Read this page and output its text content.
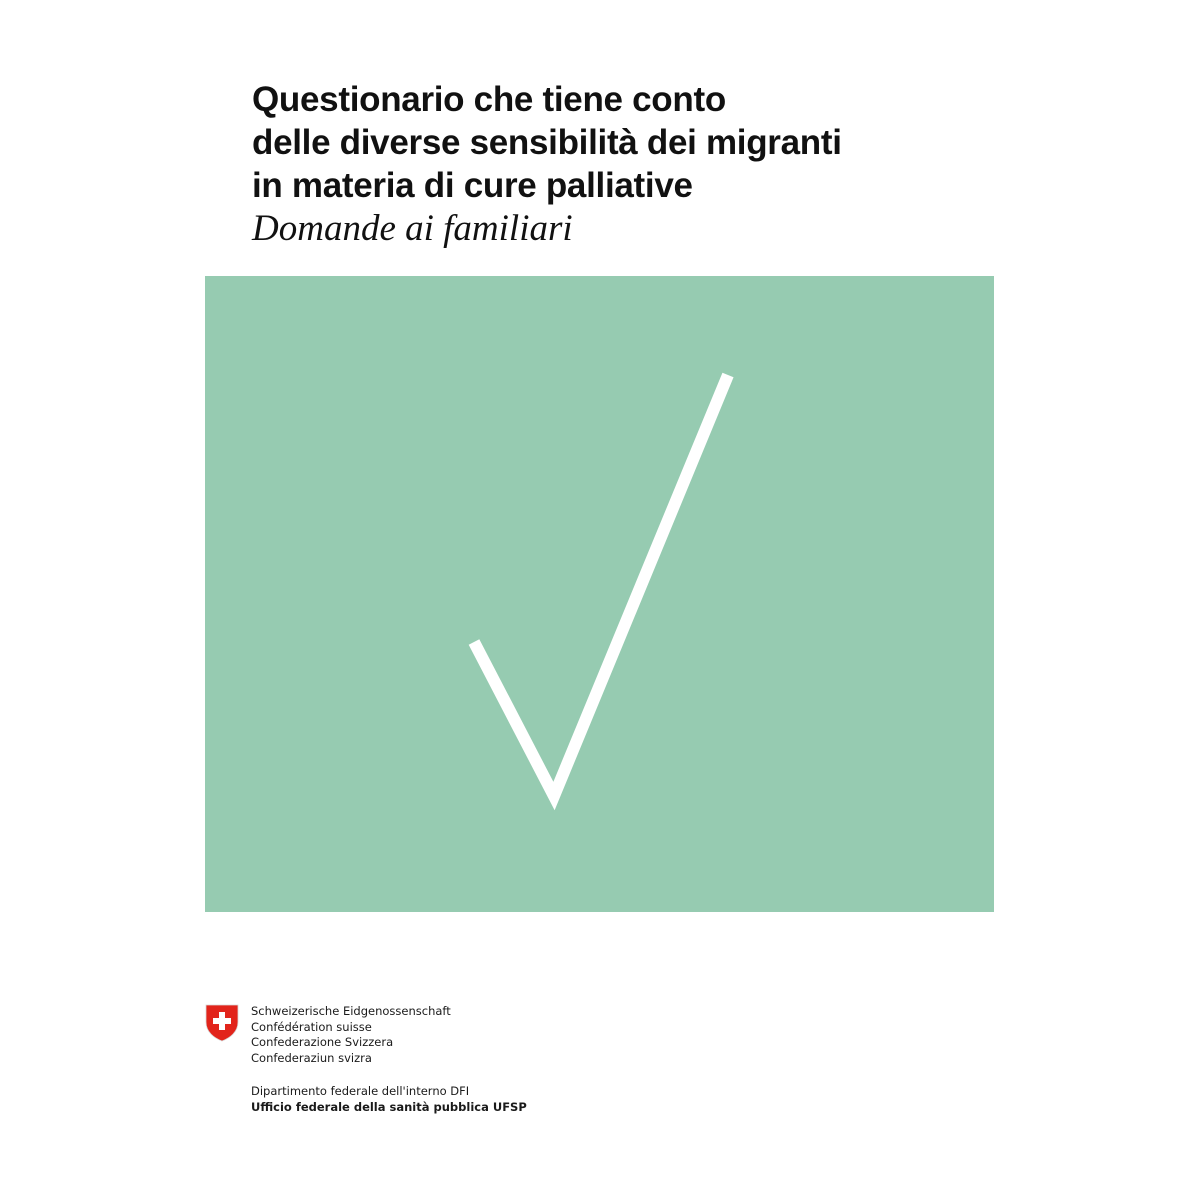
Questionario che tiene conto
delle diverse sensibilità dei migranti
in materia di cure palliative
Domande ai familiari
Schweizerische Eidgenossenschaft
Confédération suisse
Confederazione Svizzera
Confederaziun svizra
Dipartimento federale dell'interno DFI
Ufficio federale della sanità pubblica UFSP
